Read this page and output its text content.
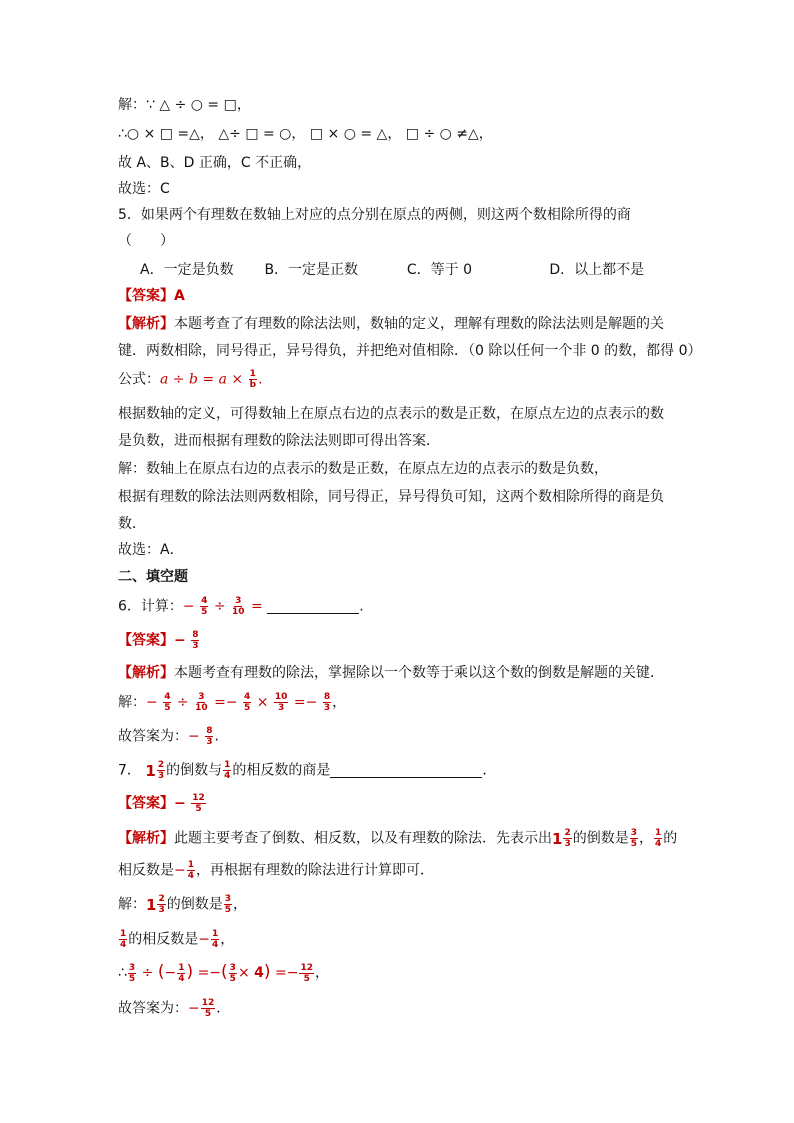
解：∵ △ ÷ ○ = □，
∴○ × □ =△， △÷ □ = ○， □ × ○ = △， □ ÷ ○ ≠△，
故 A、B、D 正确，C 不正确，
故选：C
5．如果两个有理数在数轴上对应的点分别在原点的两侧，则这两个数相除所得的商
（　　）
A．一定是负数 B．一定是正数	C．等于 0	D．以上都不是
【答案】A
【解析】本题考查了有理数的除法法则，数轴的定义，理解有理数的除法法则是解题的关
键．两数相除，同号得正，异号得负，并把绝对值相除．（0 除以任何一个非 0 的数，都得 0）
公式：$a \div b = a \times \frac{1}{b}$ .
根据数轴的定义，可得数轴上在原点右边的点表示的数是正数，在原点左边的点表示的数
是负数，进而根据有理数的除法法则即可得出答案．
解：数轴上在原点右边的点表示的数是正数，在原点左边的点表示的数是负数，
根据有理数的除法法则两数相除，同号得正，异号得负可知，这两个数相除所得的商是负
数．
故选：A．
二、填空题
6．计算：− $\frac{4}{5} \div \frac{3}{10}$ =	.
【答案】− $\frac{8}{3}$
【解析】本题考查有理数的除法，掌握除以一个数等于乘以这个数的倒数是解题的关键.
解：− $\frac{4}{5} \div \frac{3}{10} =- \frac{4}{5} \times \frac{10}{3} =- \frac{8}{3}$ ，
故答案为：− $\frac{8}{3}$ .
7． 1 2
3 的倒数与 $\frac{1}{4}$ 的相反数的商是	．
【答案】− $\frac{12}{5}$
【解析】此题主要考查了倒数、相反数，以及有理数的除法．先表示出 1 2
3 的倒数是 $\frac{3}{5}$ ， $\frac{1}{4}$ 的
相反数是− $\frac{1}{4}$ ，再根据有理数的除法进行计算即可．
解： 1 2
3 的倒数是 $\frac{3}{5}$ ，
$\frac{1}{4}$ 的相反数是− $\frac{1}{4}$ ，
∴ $\frac{3}{5}$ ÷ (− $\frac{1}{4}$ ) =−( $\frac{3}{5} \times 4) =- \frac{12}{5}$ ，
故答案为：− $\frac{12}{5}$ ．
